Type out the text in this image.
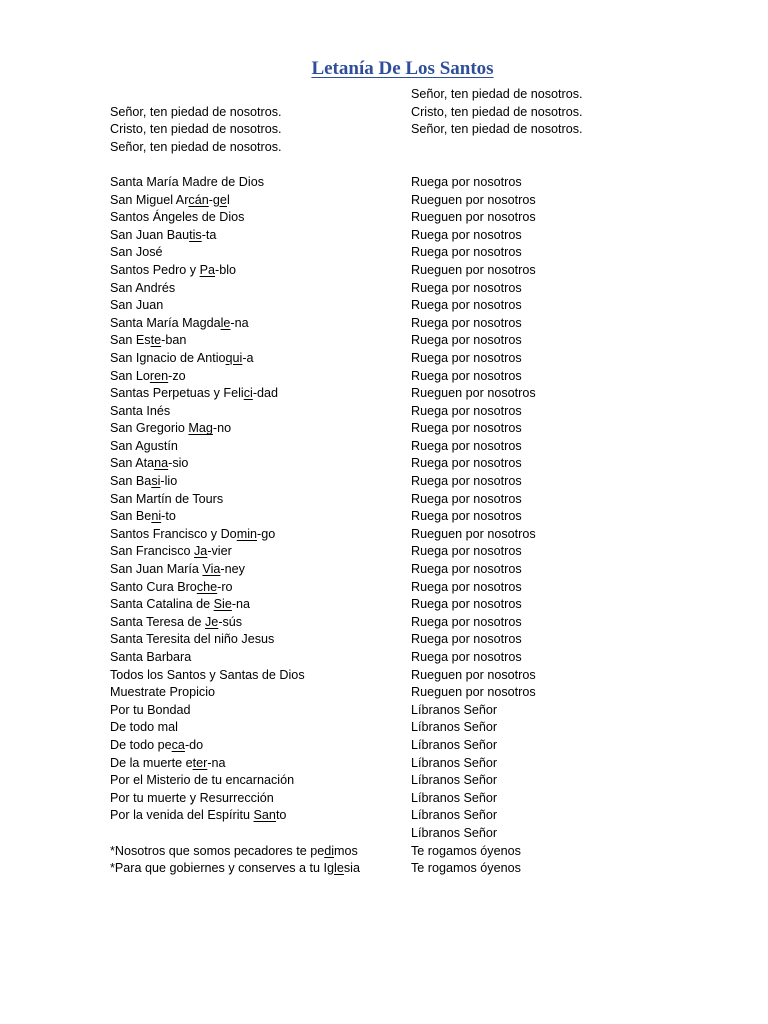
Letanía De Los Santos
Señor, ten piedad de nosotros.
Cristo, ten piedad de nosotros.
Señor, ten piedad de nosotros.
Santa María Madre de Dios
San Miguel Arcán-gel
Santos Ángeles de Dios
San Juan Bautis-ta
San José
Santos Pedro y Pa-blo
San Andrés
San Juan
Santa María Magdale-na
San Este-ban
San Ignacio de Antioqui-a
San Loren-zo
Santas Perpetuas y Felici-dad
Santa Inés
San Gregorio Mag-no
San Agustín
San Atana-sio
San Basi-lio
San Martín de Tours
San Beni-to
Santos Francisco y Domin-go
San Francisco Ja-vier
San Juan María Via-ney
Santo Cura Broche-ro
Santa Catalina de Sie-na
Santa Teresa de Je-sús
Santa Teresita del niño Jesus
Santa Barbara
Todos los Santos y Santas de Dios
Muestrate Propicio
Por tu Bondad
De todo mal
De todo peca-do
De la muerte eter-na
Por el Misterio de tu encarnación
Por tu muerte y Resurrección
Por la venida del Espíritu Santo
*Nosotros que somos pecadores te pedimos
*Para que gobiernes y conserves a tu Iglesia
Señor, ten piedad de nosotros.
Cristo, ten piedad de nosotros.
Señor, ten piedad de nosotros.
Ruega por nosotros
Rueguen por nosotros
Rueguen por nosotros
Ruega por nosotros
Ruega por nosotros
Rueguen por nosotros
Ruega por nosotros
Ruega por nosotros
Ruega por nosotros
Ruega por nosotros
Ruega por nosotros
Ruega por nosotros
Rueguen por nosotros
Ruega por nosotros
Ruega por nosotros
Ruega por nosotros
Ruega por nosotros
Ruega por nosotros
Ruega por nosotros
Ruega por nosotros
Rueguen por nosotros
Ruega por nosotros
Ruega por nosotros
Ruega por nosotros
Ruega por nosotros
Ruega por nosotros
Ruega por nosotros
Ruega por nosotros
Rueguen por nosotros
Rueguen por nosotros
Líbranos Señor
Líbranos Señor
Líbranos Señor
Líbranos Señor
Líbranos Señor
Líbranos Señor
Líbranos Señor
Líbranos Señor
Te rogamos óyenos
Te rogamos óyenos
